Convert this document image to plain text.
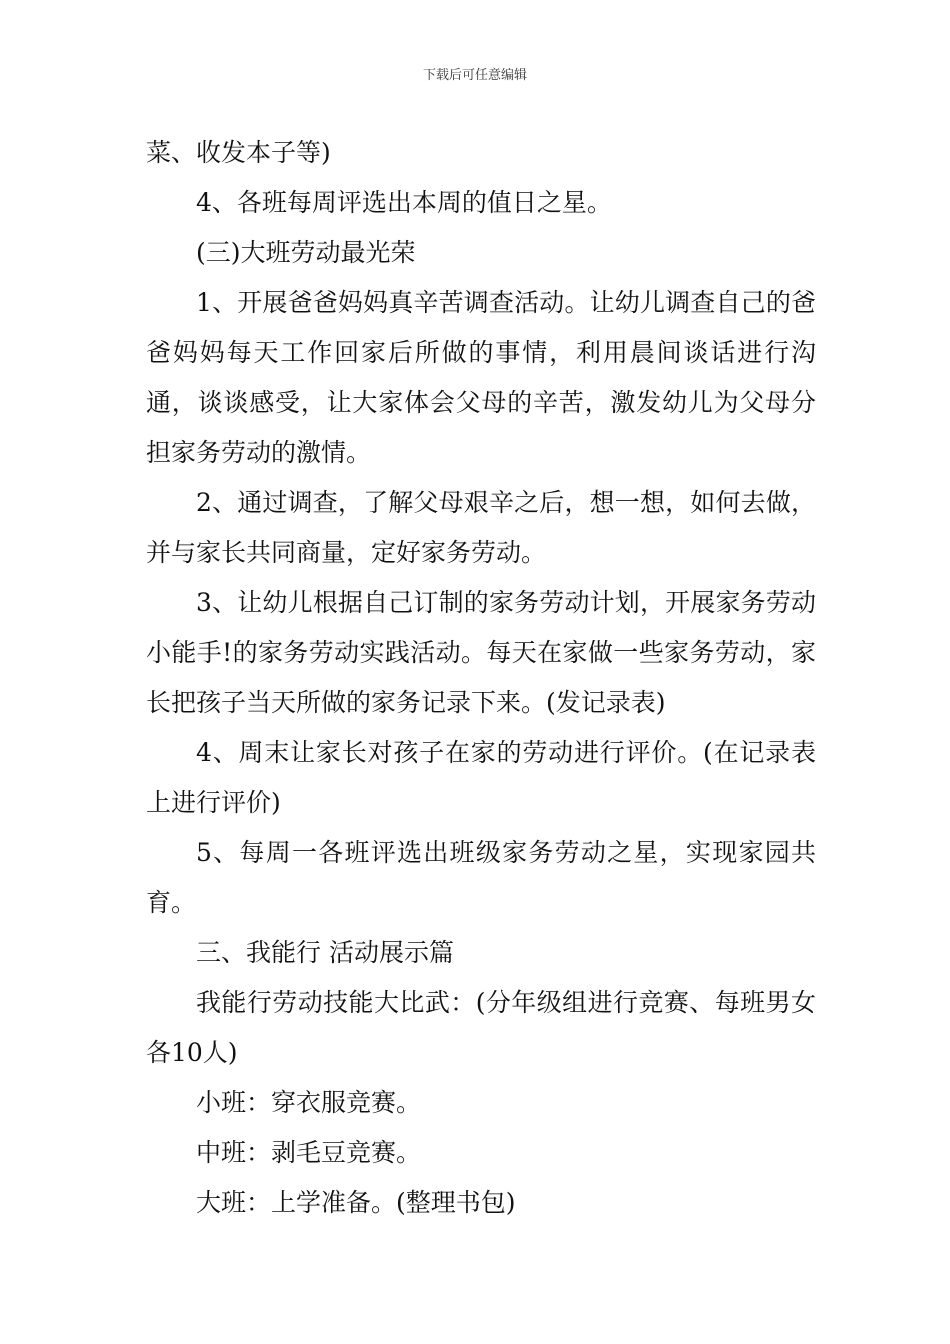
下载后可任意编辑

菜、收发本子等)

4、各班每周评选出本周的值日之星。

(三)大班劳动最光荣

1、开展爸爸妈妈真辛苦调查活动。让幼儿调查自己的爸爸妈妈每天工作回家后所做的事情，利用晨间谈话进行沟通，谈谈感受，让大家体会父母的辛苦，激发幼儿为父母分担家务劳动的激情。

2、通过调查，了解父母艰辛之后，想一想，如何去做，并与家长共同商量，定好家务劳动。

3、让幼儿根据自己订制的家务劳动计划，开展家务劳动小能手!的家务劳动实践活动。每天在家做一些家务劳动，家长把孩子当天所做的家务记录下来。(发记录表)

4、周末让家长对孩子在家的劳动进行评价。(在记录表上进行评价)

5、每周一各班评选出班级家务劳动之星，实现家园共育。

三、我能行 活动展示篇

我能行劳动技能大比武：(分年级组进行竞赛、每班男女各10人)

小班：穿衣服竞赛。

中班：剥毛豆竞赛。

大班：上学准备。(整理书包)
